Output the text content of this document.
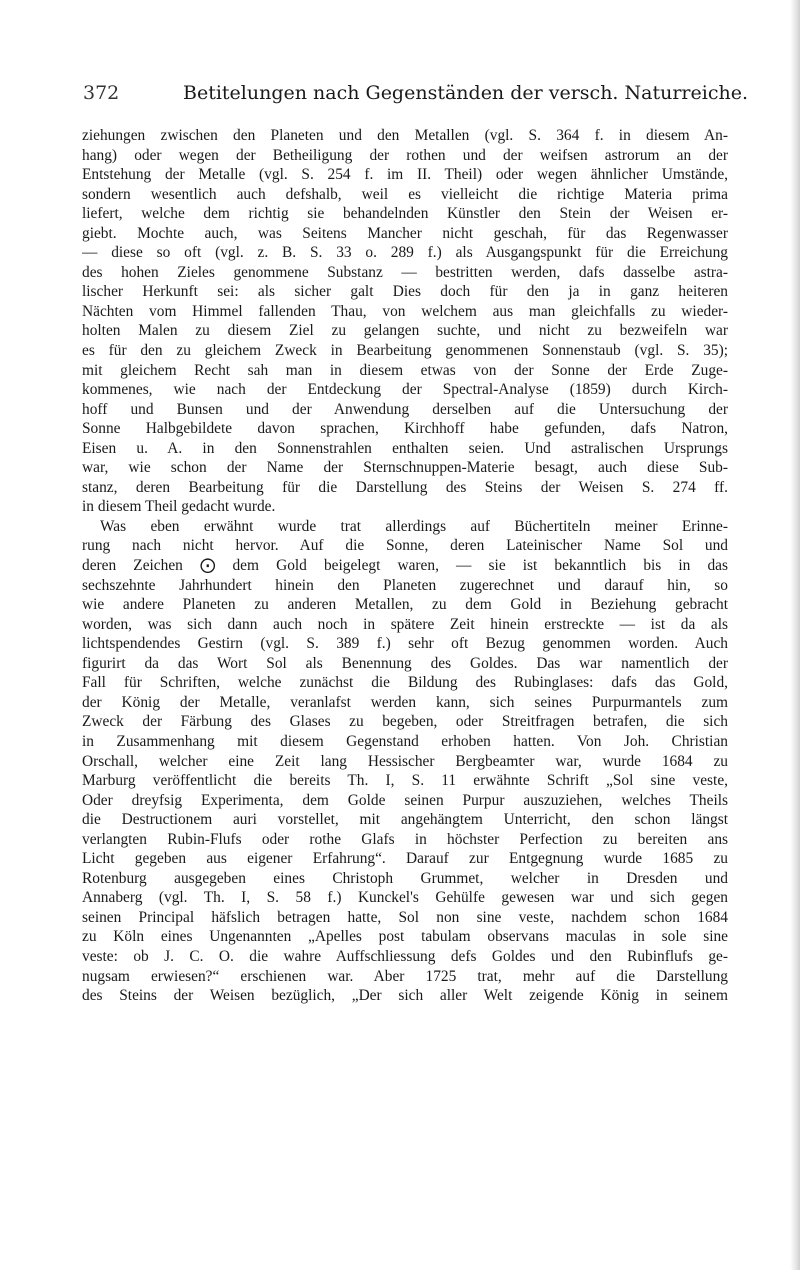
372	Betitelungen nach Gegenständen der versch. Naturreiche.
ziehungen zwischen den Planeten und den Metallen (vgl. S. 364 f. in diesem An-
hang) oder wegen der Betheiligung der rothen und der weifsen astrorum an der
Entstehung der Metalle (vgl. S. 254 f. im II. Theil) oder wegen ähnlicher Umstände,
sondern wesentlich auch defshalb, weil es vielleicht die richtige Materia prima
liefert, welche dem richtig sie behandelnden Künstler den Stein der Weisen er-
giebt. Mochte auch, was Seitens Mancher nicht geschah, für das Regenwasser
— diese so oft (vgl. z. B. S. 33 o. 289 f.) als Ausgangspunkt für die Erreichung
des hohen Zieles genommene Substanz — bestritten werden, dafs dasselbe astra-
lischer Herkunft sei: als sicher galt Dies doch für den ja in ganz heiteren
Nächten vom Himmel fallenden Thau, von welchem aus man gleichfalls zu wieder-
holten Malen zu diesem Ziel zu gelangen suchte, und nicht zu bezweifeln war
es für den zu gleichem Zweck in Bearbeitung genommenen Sonnenstaub (vgl. S. 35);
mit gleichem Recht sah man in diesem etwas von der Sonne der Erde Zuge-
kommenes, wie nach der Entdeckung der Spectral-Analyse (1859) durch Kirch-
hoff und Bunsen und der Anwendung derselben auf die Untersuchung der
Sonne Halbgebildete davon sprachen, Kirchhoff habe gefunden, dafs Natron,
Eisen u. A. in den Sonnenstrahlen enthalten seien. Und astralischen Ursprungs
war, wie schon der Name der Sternschnuppen-Materie besagt, auch diese Sub-
stanz, deren Bearbeitung für die Darstellung des Steins der Weisen S. 274 ff.
in diesem Theil gedacht wurde.
Was eben erwähnt wurde trat allerdings auf Büchertiteln meiner Erinne-
rung nach nicht hervor. Auf die Sonne, deren Lateinischer Name Sol und
deren Zeichen ⨀ dem Gold beigelegt waren, — sie ist bekanntlich bis in das
sechszehnte Jahrhundert hinein den Planeten zugerechnet und darauf hin, so
wie andere Planeten zu anderen Metallen, zu dem Gold in Beziehung gebracht
worden, was sich dann auch noch in spätere Zeit hinein erstreckte — ist da als
lichtspendendes Gestirn (vgl. S. 389 f.) sehr oft Bezug genommen worden. Auch
figurirt da das Wort Sol als Benennung des Goldes. Das war namentlich der
Fall für Schriften, welche zunächst die Bildung des Rubinglases: dafs das Gold,
der König der Metalle, veranlafst werden kann, sich seines Purpurmantels zum
Zweck der Färbung des Glases zu begeben, oder Streitfragen betrafen, die sich
in Zusammenhang mit diesem Gegenstand erhoben hatten. Von Joh. Christian
Orschall, welcher eine Zeit lang Hessischer Bergbeamter war, wurde 1684 zu
Marburg veröffentlicht die bereits Th. I, S. 11 erwähnte Schrift „Sol sine veste,
Oder dreyfsig Experimenta, dem Golde seinen Purpur auszuziehen, welches Theils
die Destructionem auri vorstellet, mit angehängtem Unterricht, den schon längst
verlangten Rubin-Flufs oder rothe Glafs in höchster Perfection zu bereiten ans
Licht gegeben aus eigener Erfahrung“. Darauf zur Entgegnung wurde 1685 zu
Rotenburg ausgegeben eines Christoph Grummet, welcher in Dresden und
Annaberg (vgl. Th. I, S. 58 f.) Kunckel's Gehülfe gewesen war und sich gegen
seinen Principal häfslich betragen hatte, Sol non sine veste, nachdem schon 1684
zu Köln eines Ungenannten „Apelles post tabulam observans maculas in sole sine
veste: ob J. C. O. die wahre Auffschliessung defs Goldes und den Rubinflufs ge-
nugsam erwiesen?“ erschienen war. Aber 1725 trat, mehr auf die Darstellung
des Steins der Weisen bezüglich, „Der sich aller Welt zeigende König in seinem
